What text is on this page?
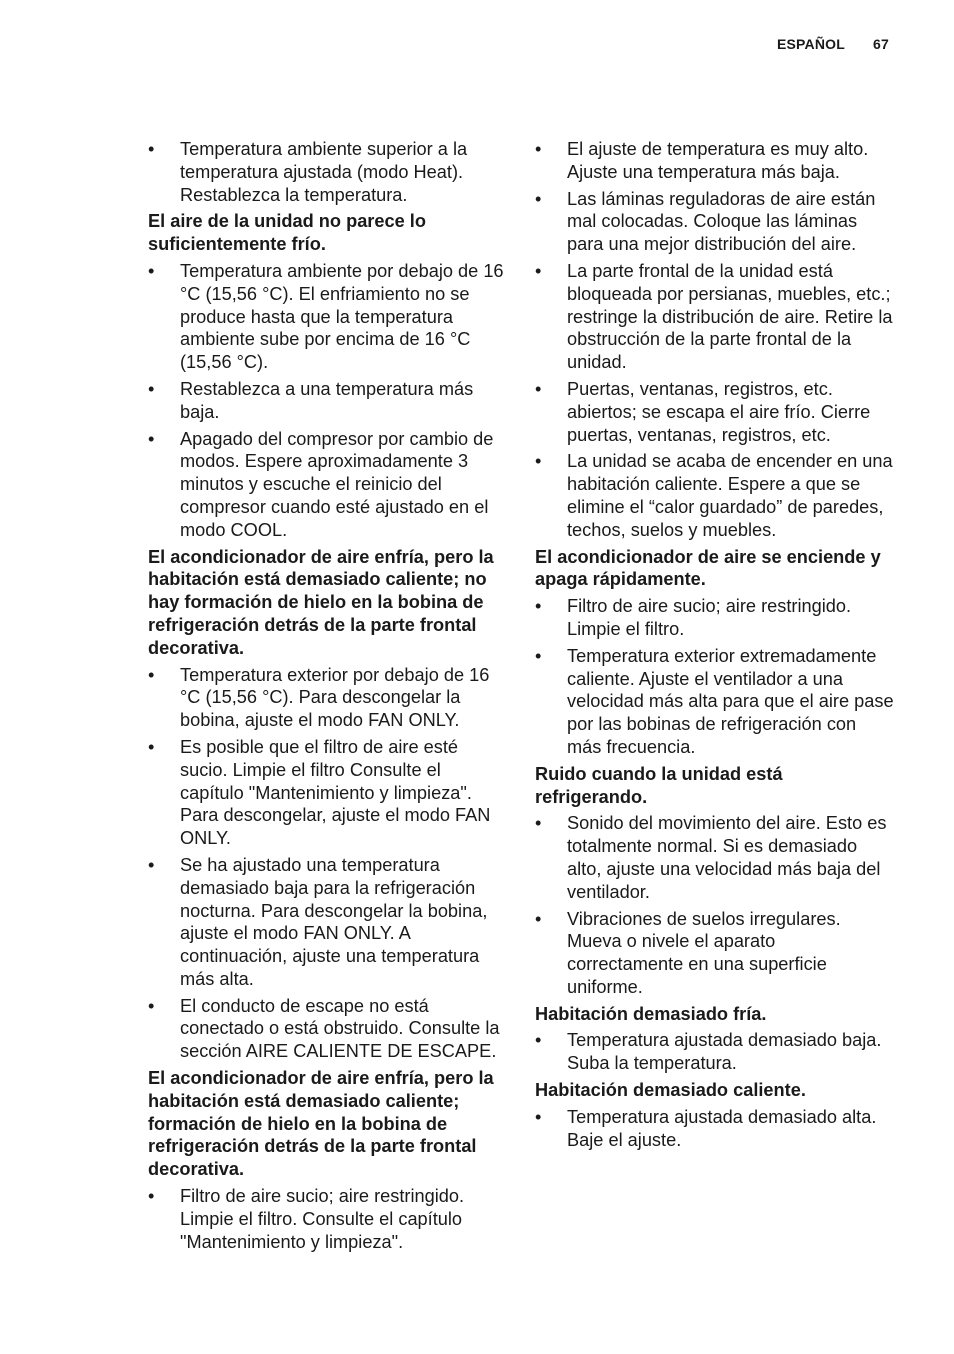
ESPAÑOL 67
• Temperatura ambiente superior a la temperatura ajustada (modo Heat). Restablezca la temperatura.
El aire de la unidad no parece lo suficientemente frío.
• Temperatura ambiente por debajo de 16 °C (15,56 °C). El enfriamiento no se produce hasta que la temperatura ambiente sube por encima de 16 °C (15,56 °C).
• Restablezca a una temperatura más baja.
• Apagado del compresor por cambio de modos. Espere aproximadamente 3 minutos y escuche el reinicio del compresor cuando esté ajustado en el modo COOL.
El acondicionador de aire enfría, pero la habitación está demasiado caliente; no hay formación de hielo en la bobina de refrigeración detrás de la parte frontal decorativa.
• Temperatura exterior por debajo de 16 °C (15,56 °C). Para descongelar la bobina, ajuste el modo FAN ONLY.
• Es posible que el filtro de aire esté sucio. Limpie el filtro Consulte el capítulo "Mantenimiento y limpieza". Para descongelar, ajuste el modo FAN ONLY.
• Se ha ajustado una temperatura demasiado baja para la refrigeración nocturna. Para descongelar la bobina, ajuste el modo FAN ONLY. A continuación, ajuste una temperatura más alta.
• El conducto de escape no está conectado o está obstruido. Consulte la sección AIRE CALIENTE DE ESCAPE.
El acondicionador de aire enfría, pero la habitación está demasiado caliente; formación de hielo en la bobina de refrigeración detrás de la parte frontal decorativa.
• Filtro de aire sucio; aire restringido. Limpie el filtro. Consulte el capítulo "Mantenimiento y limpieza".
• El ajuste de temperatura es muy alto. Ajuste una temperatura más baja.
• Las láminas reguladoras de aire están mal colocadas. Coloque las láminas para una mejor distribución del aire.
• La parte frontal de la unidad está bloqueada por persianas, muebles, etc.; restringe la distribución de aire. Retire la obstrucción de la parte frontal de la unidad.
• Puertas, ventanas, registros, etc. abiertos; se escapa el aire frío. Cierre puertas, ventanas, registros, etc.
• La unidad se acaba de encender en una habitación caliente. Espere a que se elimine el “calor guardado” de paredes, techos, suelos y muebles.
El acondicionador de aire se enciende y apaga rápidamente.
• Filtro de aire sucio; aire restringido. Limpie el filtro.
• Temperatura exterior extremadamente caliente. Ajuste el ventilador a una velocidad más alta para que el aire pase por las bobinas de refrigeración con más frecuencia.
Ruido cuando la unidad está refrigerando.
• Sonido del movimiento del aire. Esto es totalmente normal. Si es demasiado alto, ajuste una velocidad más baja del ventilador.
• Vibraciones de suelos irregulares. Mueva o nivele el aparato correctamente en una superficie uniforme.
Habitación demasiado fría.
• Temperatura ajustada demasiado baja. Suba la temperatura.
Habitación demasiado caliente.
• Temperatura ajustada demasiado alta. Baje el ajuste.
